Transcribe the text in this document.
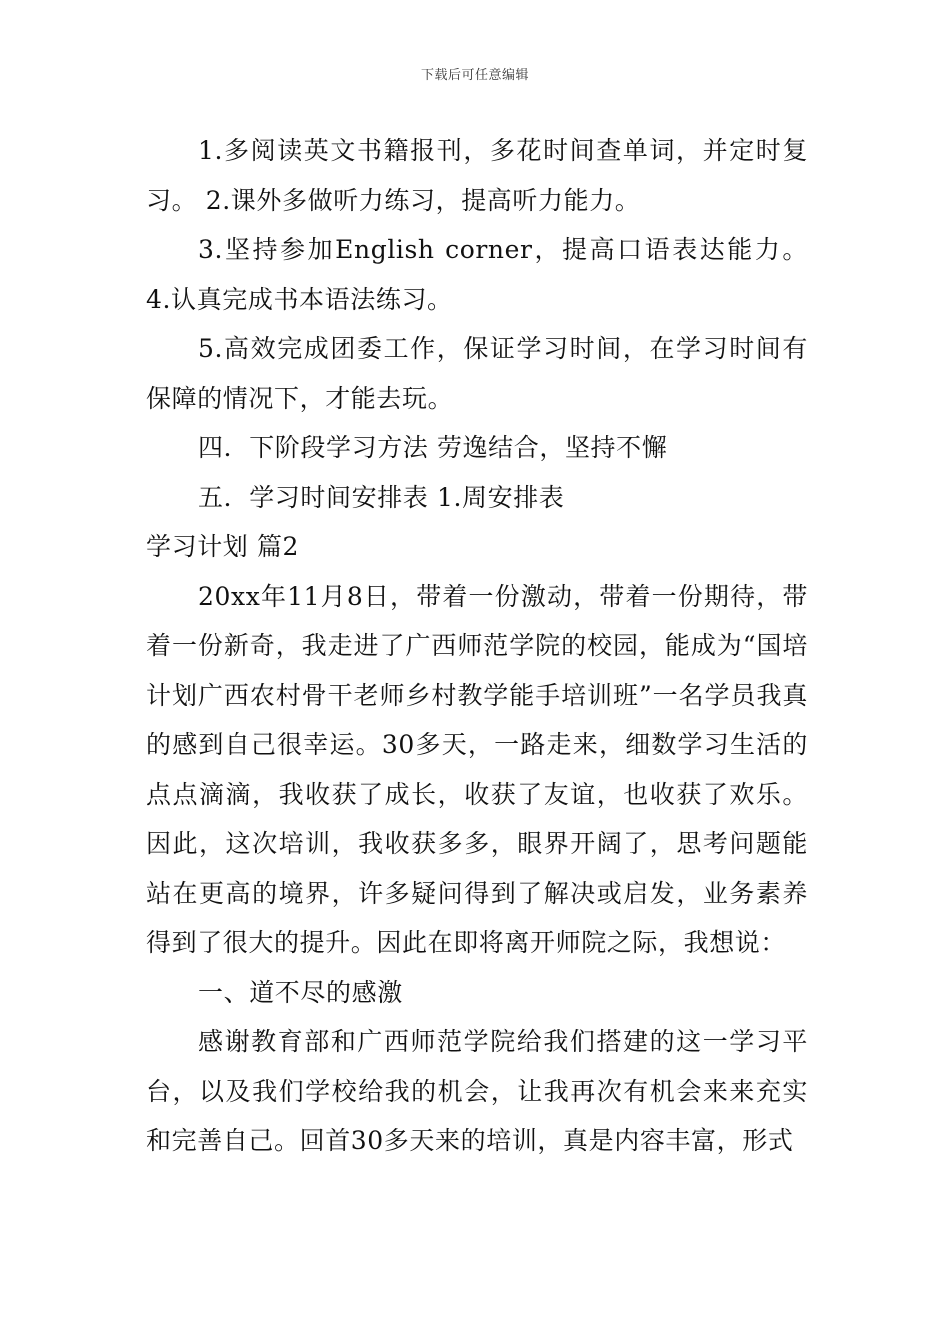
下载后可任意编辑

1.多阅读英文书籍报刊，多花时间查单词，并定时复习。 2.课外多做听力练习，提高听力能力。

3.坚持参加English corner，提高口语表达能力。 4.认真完成书本语法练习。

5.高效完成团委工作，保证学习时间，在学习时间有保障的情况下，才能去玩。

四．下阶段学习方法 劳逸结合，坚持不懈

五．学习时间安排表 1.周安排表

学习计划 篇2

20xx年11月8日，带着一份激动，带着一份期待，带着一份新奇，我走进了广西师范学院的校园，能成为“国培计划广西农村骨干老师乡村教学能手培训班”一名学员我真的感到自己很幸运。30多天，一路走来，细数学习生活的点点滴滴，我收获了成长，收获了友谊，也收获了欢乐。因此，这次培训，我收获多多，眼界开阔了，思考问题能站在更高的境界，许多疑问得到了解决或启发，业务素养得到了很大的提升。因此在即将离开师院之际，我想说：

一、道不尽的感激

感谢教育部和广西师范学院给我们搭建的这一学习平台，以及我们学校给我的机会，让我再次有机会来来充实和完善自己。回首30多天来的培训，真是内容丰富，形式
